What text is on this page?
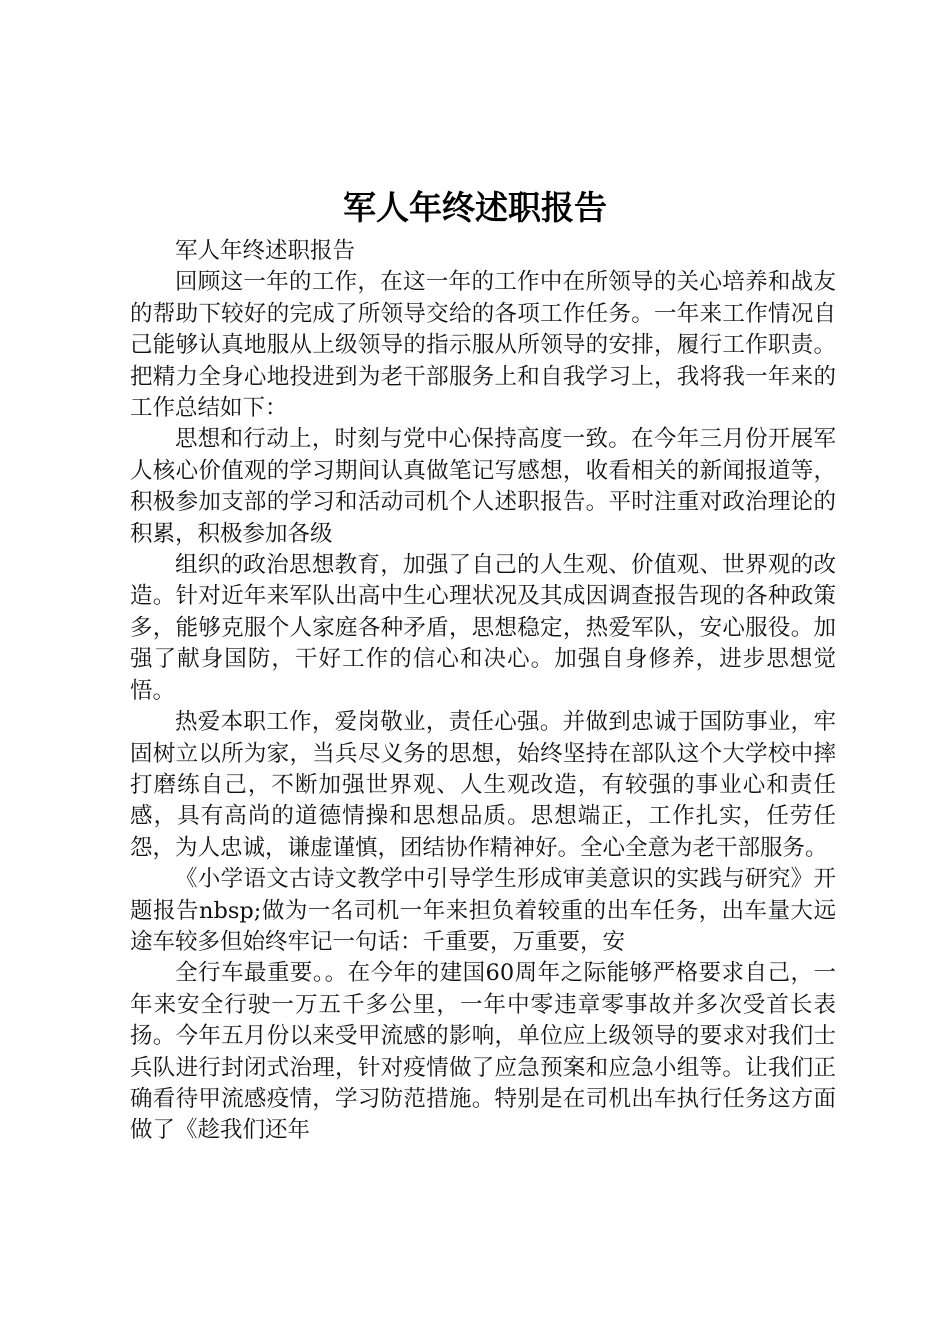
军人年终述职报告

军人年终述职报告

回顾这一年的工作，在这一年的工作中在所领导的关心培养和战友的帮助下较好的完成了所领导交给的各项工作任务。一年来工作情况自己能够认真地服从上级领导的指示服从所领导的安排，履行工作职责。把精力全身心地投进到为老干部服务上和自我学习上，我将我一年来的工作总结如下：

思想和行动上，时刻与党中心保持高度一致。在今年三月份开展军人核心价值观的学习期间认真做笔记写感想，收看相关的新闻报道等，积极参加支部的学习和活动司机个人述职报告。平时注重对政治理论的积累，积极参加各级

组织的政治思想教育，加强了自己的人生观、价值观、世界观的改造。针对近年来军队出高中生心理状况及其成因调查报告现的各种政策多，能够克服个人家庭各种矛盾，思想稳定，热爱军队，安心服役。加强了献身国防，干好工作的信心和决心。加强自身修养，进步思想觉悟。

热爱本职工作，爱岗敬业，责任心强。并做到忠诚于国防事业，牢固树立以所为家，当兵尽义务的思想，始终坚持在部队这个大学校中摔打磨练自己，不断加强世界观、人生观改造，有较强的事业心和责任感，具有高尚的道德情操和思想品质。思想端正，工作扎实，任劳任怨，为人忠诚，谦虚谨慎，团结协作精神好。全心全意为老干部服务。

《小学语文古诗文教学中引导学生形成审美意识的实践与研究》开题报告nbsp;做为一名司机一年来担负着较重的出车任务，出车量大远途车较多但始终牢记一句话：千重要，万重要，安

全行车最重要。。在今年的建国60周年之际能够严格要求自己，一年来安全行驶一万五千多公里，一年中零违章零事故并多次受首长表扬。今年五月份以来受甲流感的影响，单位应上级领导的要求对我们士兵队进行封闭式治理，针对疫情做了应急预案和应急小组等。让我们正确看待甲流感疫情，学习防范措施。特别是在司机出车执行任务这方面做了《趁我们还年
